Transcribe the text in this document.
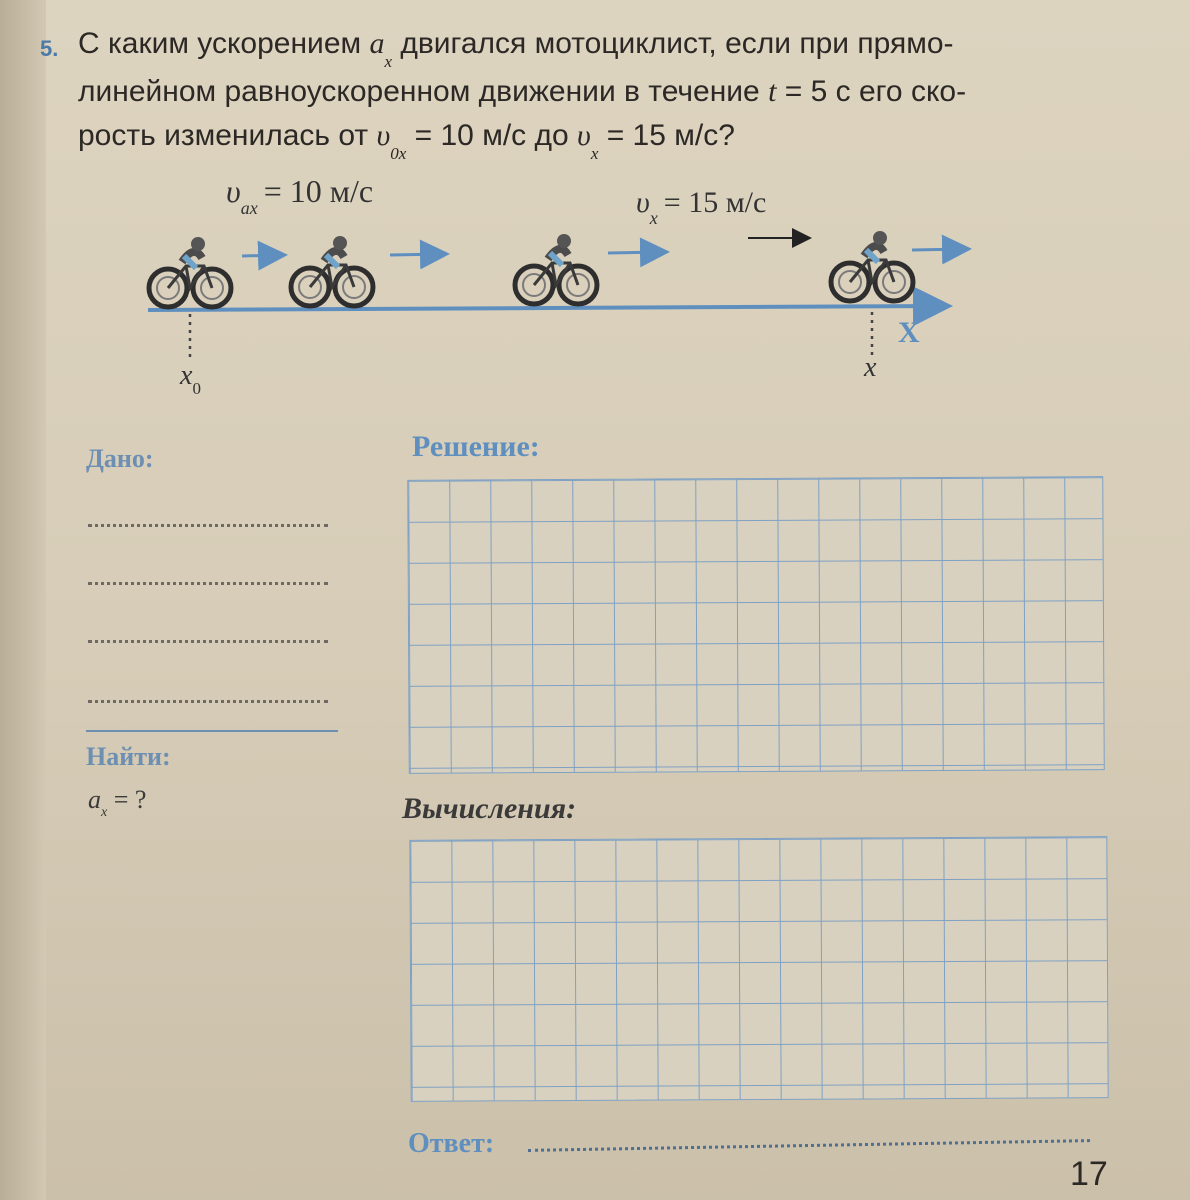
5. С каким ускорением $a_x$ двигался мотоциклист, если при прямо-
линейном равноускоренном движении в течение t = 5 с его ско-
рость изменилась от $\upsilon_{0x} = 10$ м/с до $\upsilon_x = 15$ м/с?
$\upsilon_{ax} = 10$ м/с	$\upsilon_x = 15$ м/с
X
$x_0$
x
Дано:
Найти:
$a_x$ = ?
Решение:
Вычисления:
Ответ:
17
